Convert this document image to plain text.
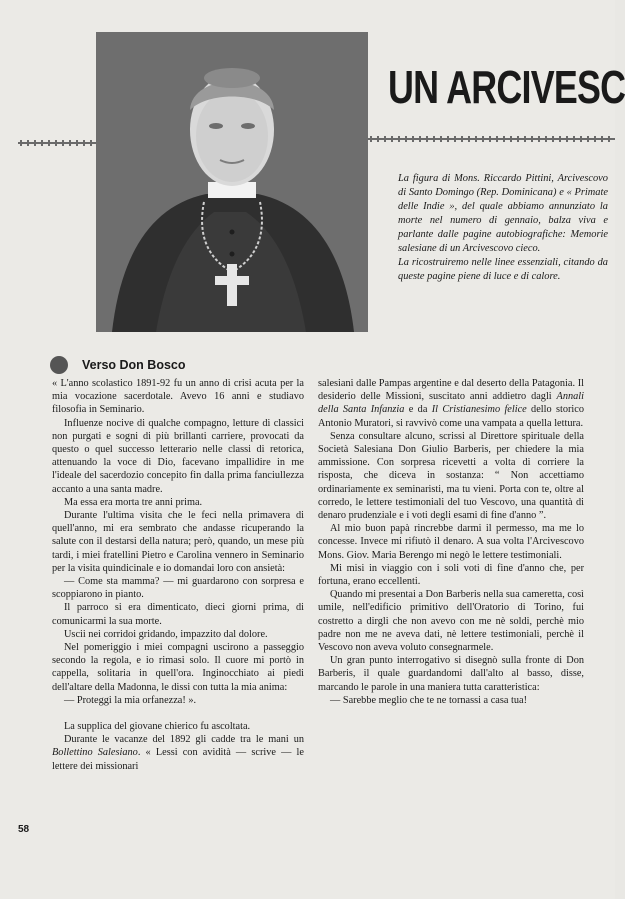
UN ARCIVESC

La figura di Mons. Riccardo Pittini, Arcivescovo di Santo Domingo (Rep. Dominicana) e « Primate delle Indie », del quale abbiamo annunziato la morte nel numero di gennaio, balza viva e parlante dalle pagine autobiografiche: Memorie salesiane di un Arcivescovo cieco.

La ricostruiremo nelle linee essenziali, citando da queste pagine piene di luce e di calore.

Verso Don Bosco

« L'anno scolastico 1891-92 fu un anno di crisi acuta per la mia vocazione sacerdotale. Avevo 16 anni e studiavo filosofia in Seminario.

Influenze nocive di qualche compagno, letture di classici non purgati e sogni di più brillanti carriere, provocati da questo o quel successo letterario nelle classi di retorica, attenuando la voce di Dio, facevano impallidire in me l'ideale del sacerdozio concepito fin dalla prima fanciullezza accanto a una santa madre.

Ma essa era morta tre anni prima.

Durante l'ultima visita che le feci nella primavera di quell'anno, mi era sembrato che andasse ricuperando la salute con il destarsi della natura; però, quando, un mese più tardi, i miei fratellini Pietro e Carolina vennero in Seminario per la visita quindicinale e io domandai loro con ansietà:

— Come sta mamma? — mi guardarono con sorpresa e scoppiarono in pianto.

Il parroco si era dimenticato, dieci giorni prima, di comunicarmi la sua morte.

Uscii nei corridoi gridando, impazzito dal dolore.

Nel pomeriggio i miei compagni uscirono a passeggio secondo la regola, e io rimasi solo. Il cuore mi portò in cappella, solitaria in quell'ora. Inginocchiato ai piedi dell'altare della Madonna, le dissi con tutta la mia anima:

— Proteggi la mia orfanezza! ».

La supplica del giovane chierico fu ascoltata.

Durante le vacanze del 1892 gli cadde tra le mani un Bollettino Salesiano. « Lessi con avidità — scrive — le lettere dei missionari

salesiani dalle Pampas argentine e dal deserto della Patagonia. Il desiderio delle Missioni, suscitato anni addietro dagli Annali della Santa Infanzia e da Il Cristianesimo felice dello storico Antonio Muratori, si ravvivò come una vampata a quella lettura.

Senza consultare alcuno, scrissi al Direttore spirituale della Società Salesiana Don Giulio Barberis, per chiedere la mia ammissione. Con sorpresa ricevetti a volta di corriere la risposta, che diceva in sostanza: “ Non accettiamo ordinariamente ex seminaristi, ma tu vieni. Porta con te, oltre al corredo, le lettere testimoniali del tuo Vescovo, una quantità di denaro prudenziale e i voti degli esami di fine d'anno ”.

Al mio buon papà rincrebbe darmi il permesso, ma me lo concesse. Invece mi rifiutò il denaro. A sua volta l'Arcivescovo Mons. Giov. Maria Berengo mi negò le lettere testimoniali.

Mi misi in viaggio con i soli voti di fine d'anno che, per fortuna, erano eccellenti.

Quando mi presentai a Don Barberis nella sua cameretta, così umile, nell'edificio primitivo dell'Oratorio di Torino, fui costretto a dirgli che non avevo con me nè soldi, perchè mio padre non me ne aveva dati, nè lettere testimoniali, perchè il Vescovo non aveva voluto consegnarmele.

Un gran punto interrogativo si disegnò sulla fronte di Don Barberis, il quale guardandomi dall'alto al basso, disse, marcando le parole in una maniera tutta caratteristica:

— Sarebbe meglio che te ne tornassi a casa tua!

58
